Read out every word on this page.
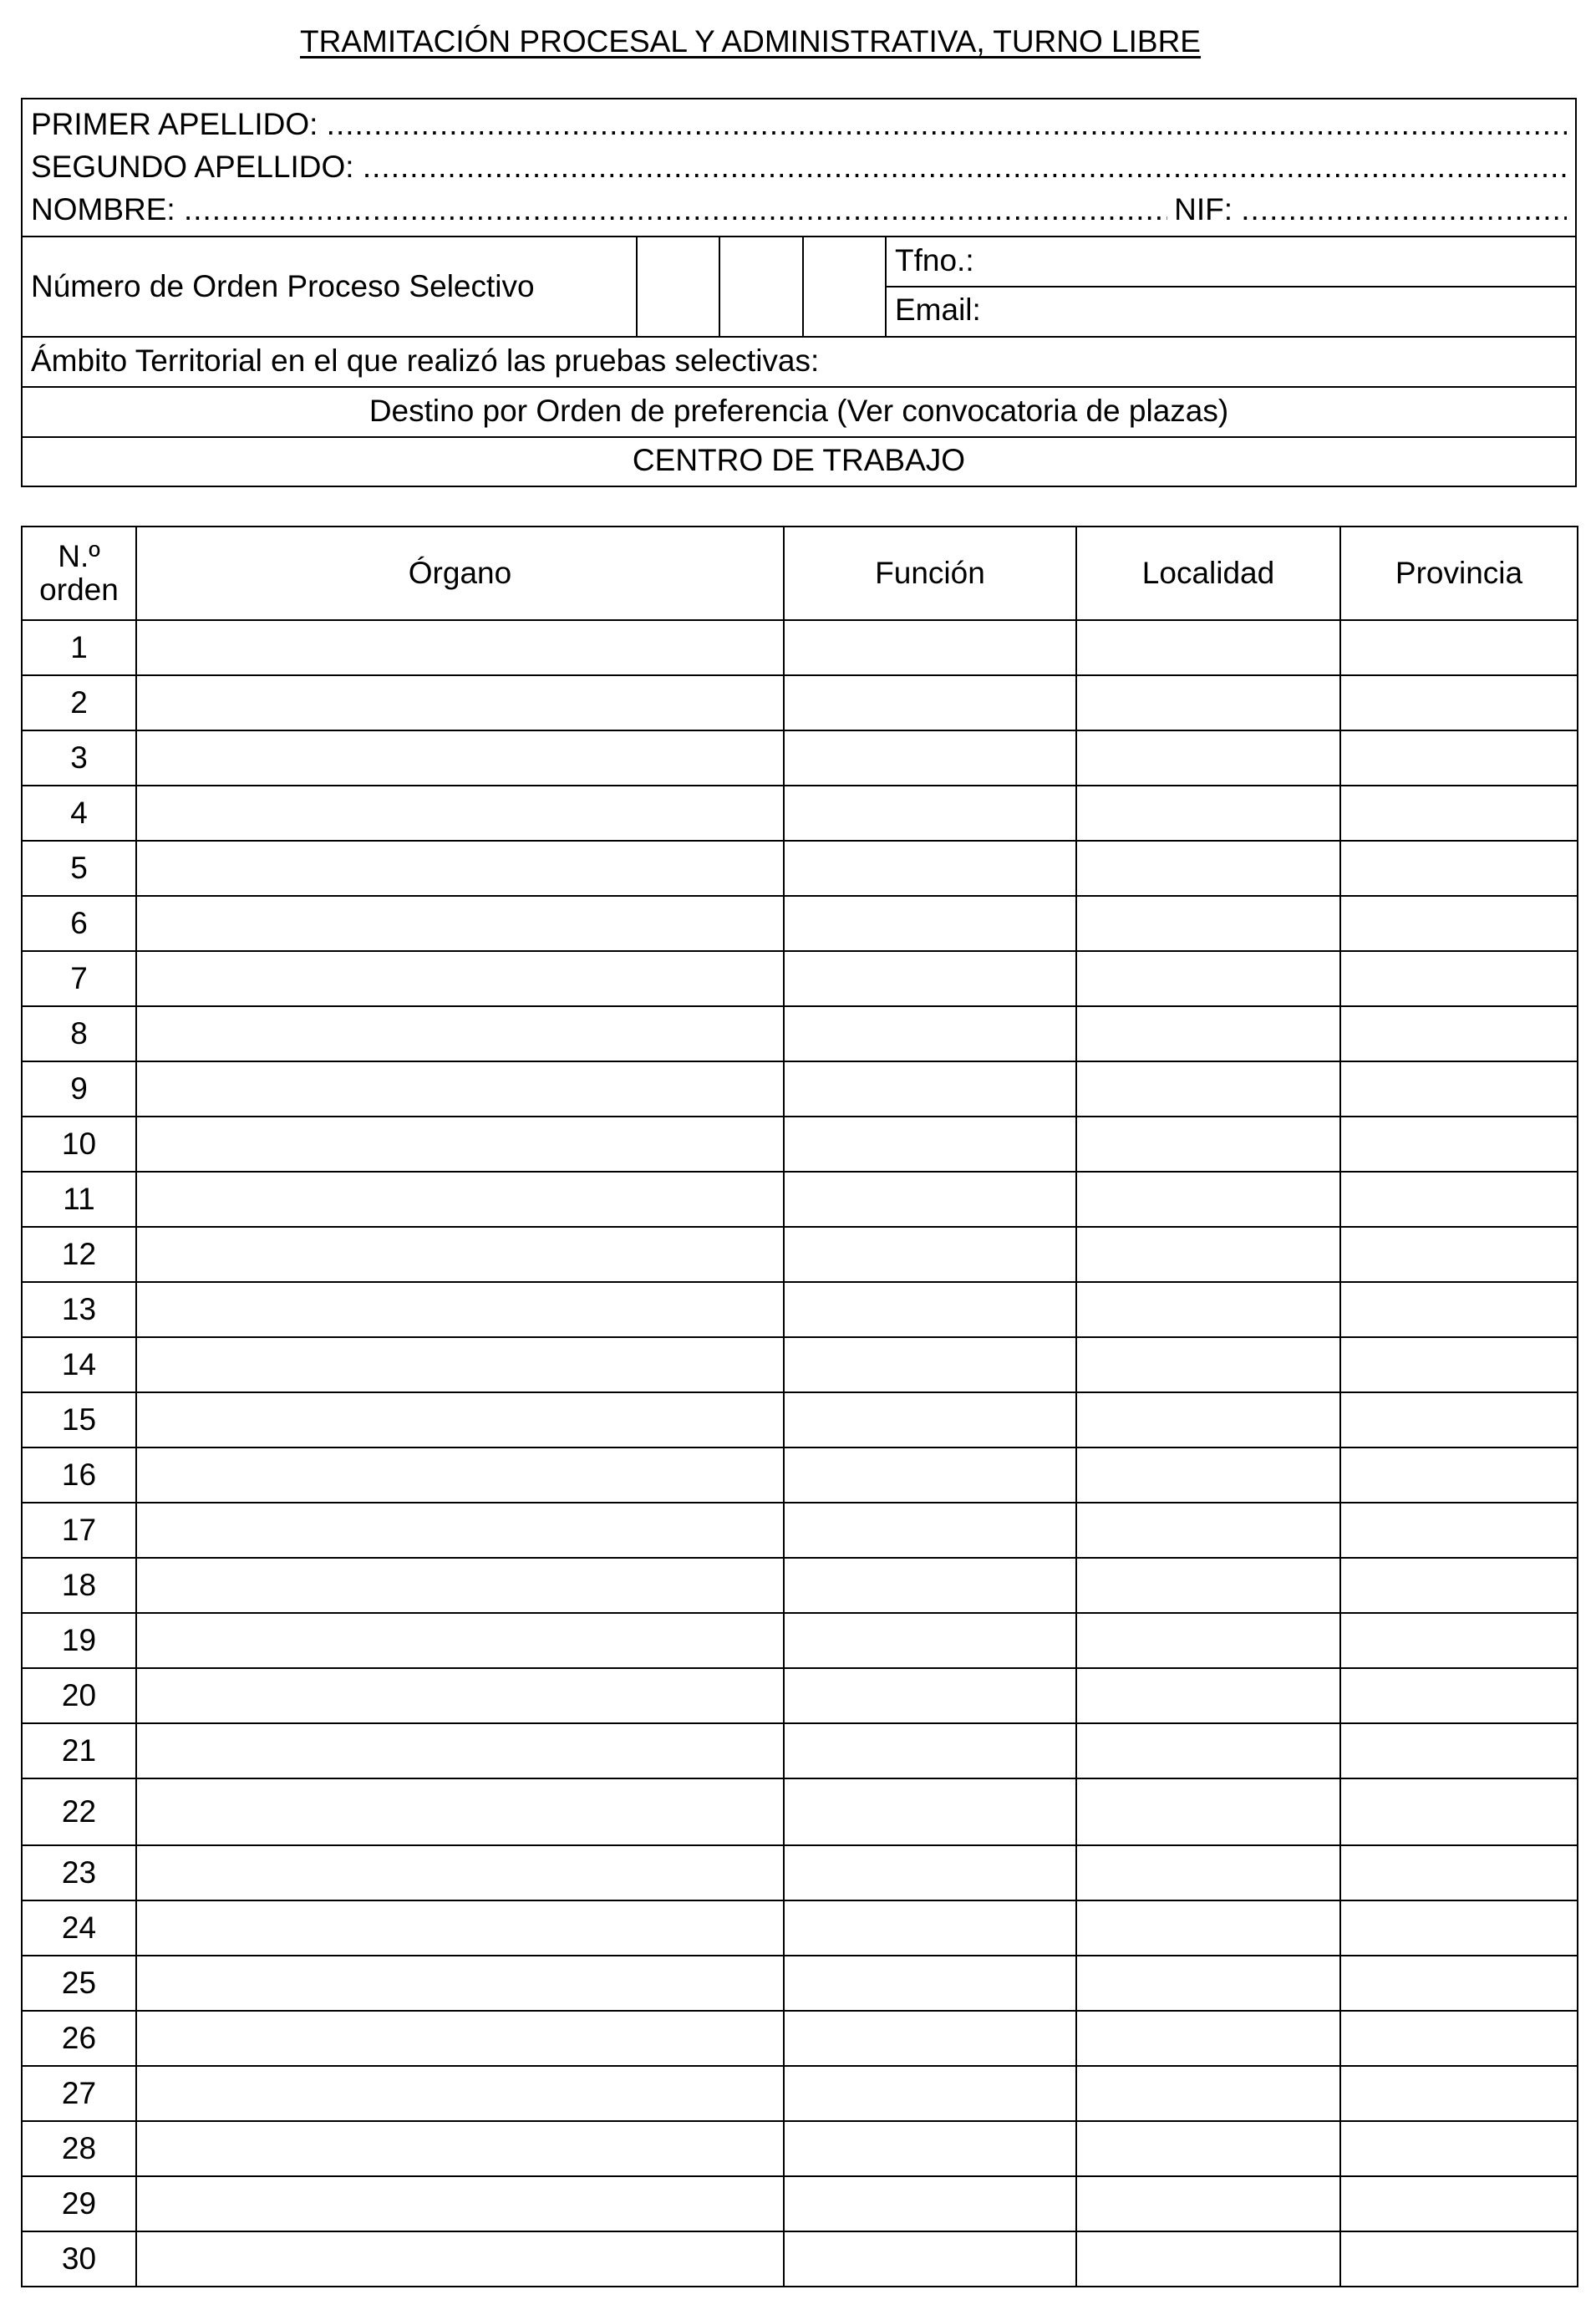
TRAMITACIÓN PROCESAL Y ADMINISTRATIVA, TURNO LIBRE
PRIMER APELLIDO:
.....
SEGUNDO APELLIDO:
.....
NOMBRE: .....	NIF:
.....
Número de Orden Proceso Selectivo
Tfno.:
Email:
Ámbito Territorial en el que realizó las pruebas selectivas:
Destino por Orden de preferencia (Ver convocatoria de plazas)
CENTRO DE TRABAJO
N.º
orden	Órgano	Función	Localidad	Provincia
1				
2				
3				
4				
5				
6				
7				
8				
9				
10				
11				
12				
13				
14				
15				
16				
17				
18				
19				
20				
21				
22				
23				
24				
25				
26				
27				
28				
29				
30				
